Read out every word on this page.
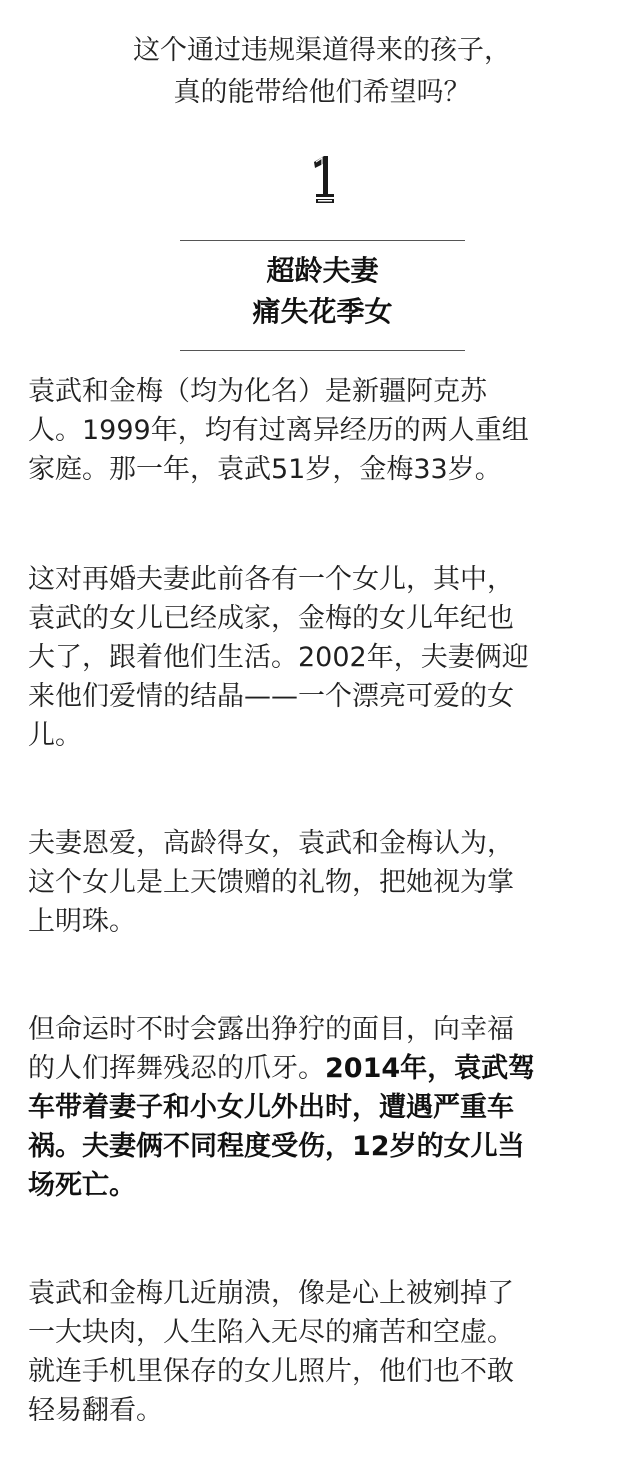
这个通过违规渠道得来的孩子，
真的能带给他们希望吗？
超龄夫妻
痛失花季女
袁武和金梅（均为化名）是新疆阿克苏
人。1999年，均有过离异经历的两人重组
家庭。那一年，袁武51岁，金梅33岁。
这对再婚夫妻此前各有一个女儿，其中，
袁武的女儿已经成家，金梅的女儿年纪也
大了，跟着他们生活。2002年，夫妻俩迎
来他们爱情的结晶——一个漂亮可爱的女
儿。
夫妻恩爱，高龄得女，袁武和金梅认为，
这个女儿是上天馈赠的礼物，把她视为掌
上明珠。
但命运时不时会露出狰狞的面目，向幸福
的人们挥舞残忍的爪牙。2014年，袁武驾
车带着妻子和小女儿外出时，遭遇严重车
祸。夫妻俩不同程度受伤，12岁的女儿当
场死亡。
袁武和金梅几近崩溃，像是心上被剜掉了
一大块肉，人生陷入无尽的痛苦和空虚。
就连手机里保存的女儿照片，他们也不敢
轻易翻看。
